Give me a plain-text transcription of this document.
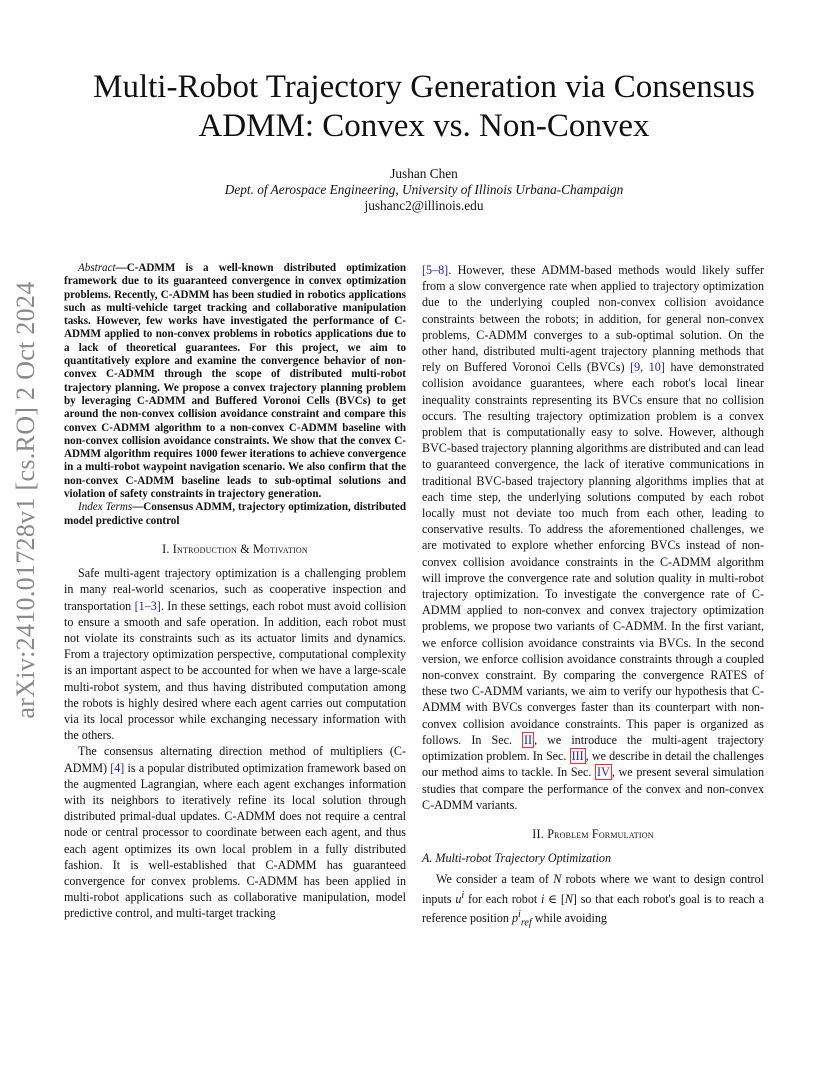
arXiv:2410.01728v1 [cs.RO] 2 Oct 2024
Multi-Robot Trajectory Generation via Consensus
ADMM: Convex vs. Non-Convex
Jushan Chen
Dept. of Aerospace Engineering, University of Illinois Urbana-Champaign
jushanc2@illinois.edu

Abstract—C-ADMM is a well-known distributed optimization framework due to its guaranteed convergence in convex optimization problems. Recently, C-ADMM has been studied in robotics applications such as multi-vehicle target tracking and collaborative manipulation tasks. However, few works have investigated the performance of C-ADMM applied to non-convex problems in robotics applications due to a lack of theoretical guarantees. For this project, we aim to quantitatively explore and examine the convergence behavior of non-convex C-ADMM through the scope of distributed multi-robot trajectory planning. We propose a convex trajectory planning problem by leveraging C-ADMM and Buffered Voronoi Cells (BVCs) to get around the non-convex collision avoidance constraint and compare this convex C-ADMM algorithm to a non-convex C-ADMM baseline with non-convex collision avoidance constraints. We show that the convex C-ADMM algorithm requires 1000 fewer iterations to achieve convergence in a multi-robot waypoint navigation scenario. We also confirm that the non-convex C-ADMM baseline leads to sub-optimal solutions and violation of safety constraints in trajectory generation.

Index Terms—Consensus ADMM, trajectory optimization, distributed model predictive control

I. Introduction & Motivation

Safe multi-agent trajectory optimization is a challenging problem in many real-world scenarios, such as cooperative inspection and transportation [1–3]. In these settings, each robot must avoid collision to ensure a smooth and safe operation. In addition, each robot must not violate its constraints such as its actuator limits and dynamics. From a trajectory optimization perspective, computational complexity is an important aspect to be accounted for when we have a large-scale multi-robot system, and thus having distributed computation among the robots is highly desired where each agent carries out computation via its local processor while exchanging necessary information with the others.

The consensus alternating direction method of multipliers (C-ADMM) [4] is a popular distributed optimization framework based on the augmented Lagrangian, where each agent exchanges information with its neighbors to iteratively refine its local solution through distributed primal-dual updates. C-ADMM does not require a central node or central processor to coordinate between each agent, and thus each agent optimizes its own local problem in a fully distributed fashion. It is well-established that C-ADMM has guaranteed convergence for convex problems. C-ADMM has been applied in multi-robot applications such as collaborative manipulation, model predictive control, and multi-target tracking

[5–8]. However, these ADMM-based methods would likely suffer from a slow convergence rate when applied to trajectory optimization due to the underlying coupled non-convex collision avoidance constraints between the robots; in addition, for general non-convex problems, C-ADMM converges to a sub-optimal solution. On the other hand, distributed multi-agent trajectory planning methods that rely on Buffered Voronoi Cells (BVCs) [9, 10] have demonstrated collision avoidance guarantees, where each robot's local linear inequality constraints representing its BVCs ensure that no collision occurs. The resulting trajectory optimization problem is a convex problem that is computationally easy to solve. However, although BVC-based trajectory planning algorithms are distributed and can lead to guaranteed convergence, the lack of iterative communications in traditional BVC-based trajectory planning algorithms implies that at each time step, the underlying solutions computed by each robot locally must not deviate too much from each other, leading to conservative results. To address the aforementioned challenges, we are motivated to explore whether enforcing BVCs instead of non-convex collision avoidance constraints in the C-ADMM algorithm will improve the convergence rate and solution quality in multi-robot trajectory optimization. To investigate the convergence rate of C-ADMM applied to non-convex and convex trajectory optimization problems, we propose two variants of C-ADMM. In the first variant, we enforce collision avoidance constraints via BVCs. In the second version, we enforce collision avoidance constraints through a coupled non-convex constraint. By comparing the convergence RATES of these two C-ADMM variants, we aim to verify our hypothesis that C-ADMM with BVCs converges faster than its counterpart with non-convex collision avoidance constraints. This paper is organized as follows. In Sec. II , we introduce the multi-agent trajectory optimization problem. In Sec. III , we describe in detail the challenges our method aims to tackle. In Sec. IV , we present several simulation studies that compare the performance of the convex and non-convex C-ADMM variants.

II. Problem Formulation

A. Multi-robot Trajectory Optimization

We consider a team of N robots where we want to design control inputs $u^i$ for each robot i ∈ [N] so that each robot's goal is to reach a reference position $p^i_{ref}$ while avoiding
